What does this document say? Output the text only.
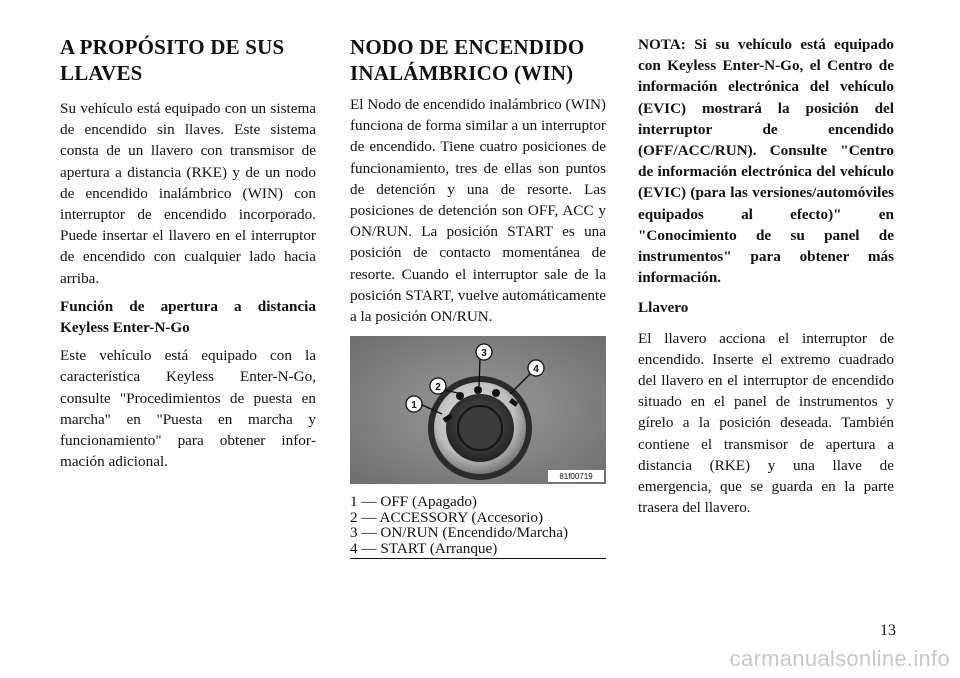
A PROPÓSITO DE SUS LLAVES

Su vehículo está equipado con un sistema de encendido sin llaves. Este sistema consta de un llavero con transmisor de apertura a distancia (RKE) y de un nodo de encendido inalámbrico (WIN) con interruptor de encendido incorporado. Puede insertar el llavero en el interruptor de encendido con cualquier lado hacia arriba.

Función de apertura a distancia Keyless Enter-N-Go

Este vehículo está equipado con la característica Keyless Enter-N-Go, consulte "Procedimientos de puesta en marcha" en "Puesta en marcha y funcionamiento" para obtener información adicional.

NODO DE ENCENDIDO INALÁMBRICO (WIN)

El Nodo de encendido inalámbrico (WIN) funciona de forma similar a un interruptor de encendido. Tiene cuatro posiciones de funcionamiento, tres de ellas son puntos de detención y una de resorte. Las posiciones de detención son OFF, ACC y ON/RUN. La posición START es una posición de contacto momentánea de resorte. Cuando el interruptor sale de la posición START, vuelve automáticamente a la posición ON/RUN.

1
2
3
4
81f00719
1 — OFF (Apagado)
2 — ACCESSORY (Accesorio)
3 — ON/RUN (Encendido/Marcha)
4 — START (Arranque)

NOTA: Si su vehículo está equipado con Keyless Enter-N-Go, el Centro de información electrónica del vehículo (EVIC) mostrará la posición del interruptor de encendido (OFF/ACC/RUN). Consulte "Centro de información electrónica del vehículo (EVIC) (para las versiones/automóviles equipados al efecto)" en "Conocimiento de su panel de instrumentos" para obtener más información.

Llavero

El llavero acciona el interruptor de encendido. Inserte el extremo cuadrado del llavero en el interruptor de encendido situado en el panel de instrumentos y gírelo a la posición deseada. También contiene el transmisor de apertura a distancia (RKE) y una llave de emergencia, que se guarda en la parte trasera del llavero.

13
carmanualsonline.info
